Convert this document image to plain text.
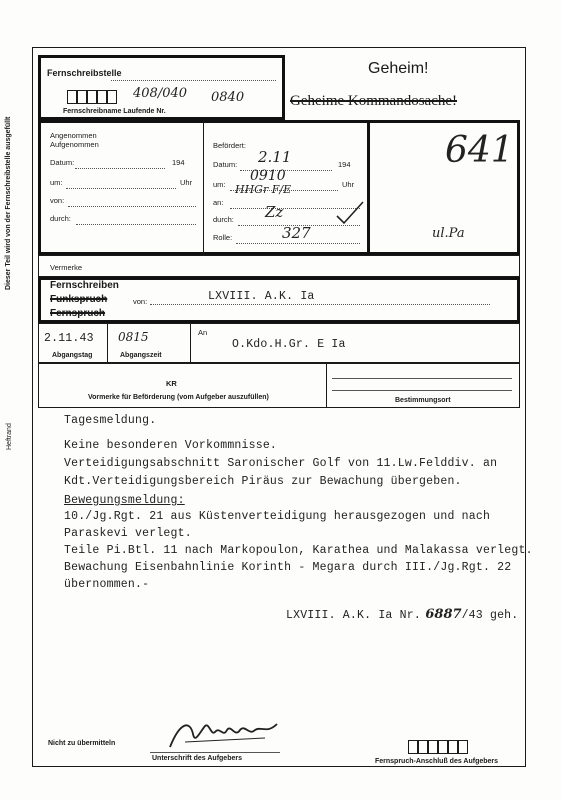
Dieser Teil wird von der Fernschreibstelle ausgefüllt
Heftrand
Fernschreibstelle
408/040 0840
Fernschreibname Laufende Nr.
Geheim!
Geheime Kommandosache!
Angenommen
Aufgenommen
Datum:	194
um:	Uhr
von:
durch:
Befördert:
Datum:	194
2.11
um:	Uhr
0910
an:
HHGr F/E
durch: Zz
Rolle:	327
641
ul.Pa
Vermerke
Fernschreiben
Funkspruch
Fernspruch
von:	LXVIII. A.K. Ia
2.11.43 0815
Abgangstag	Abgangszeit
An
O.Kdo.H.Gr. E Ia
KR
Vormerke für Beförderung (vom Aufgeber auszufüllen)	Bestimmungsort
Tagesmeldung.
Keine besonderen Vorkommnisse.
Verteidigungsabschnitt Saronischer Golf von 11.Lw.Felddiv. an
Kdt.Verteidigungsbereich Piräus zur Bewachung übergeben.
Bewegungsmeldung:
10./Jg.Rgt. 21 aus Küstenverteidigung herausgezogen und nach
Paraskevi verlegt.
Teile Pi.Btl. 11 nach Markopoulon, Karathea und Malakassa verlegt.
Bewachung Eisenbahnlinie Korinth - Megara durch III./Jg.Rgt. 22
übernommen.-
LXVIII. A.K. Ia Nr. 6887/43 geh.
Nicht zu übermitteln
Unterschrift des Aufgebers	Fernspruch-Anschluß des Aufgebers
